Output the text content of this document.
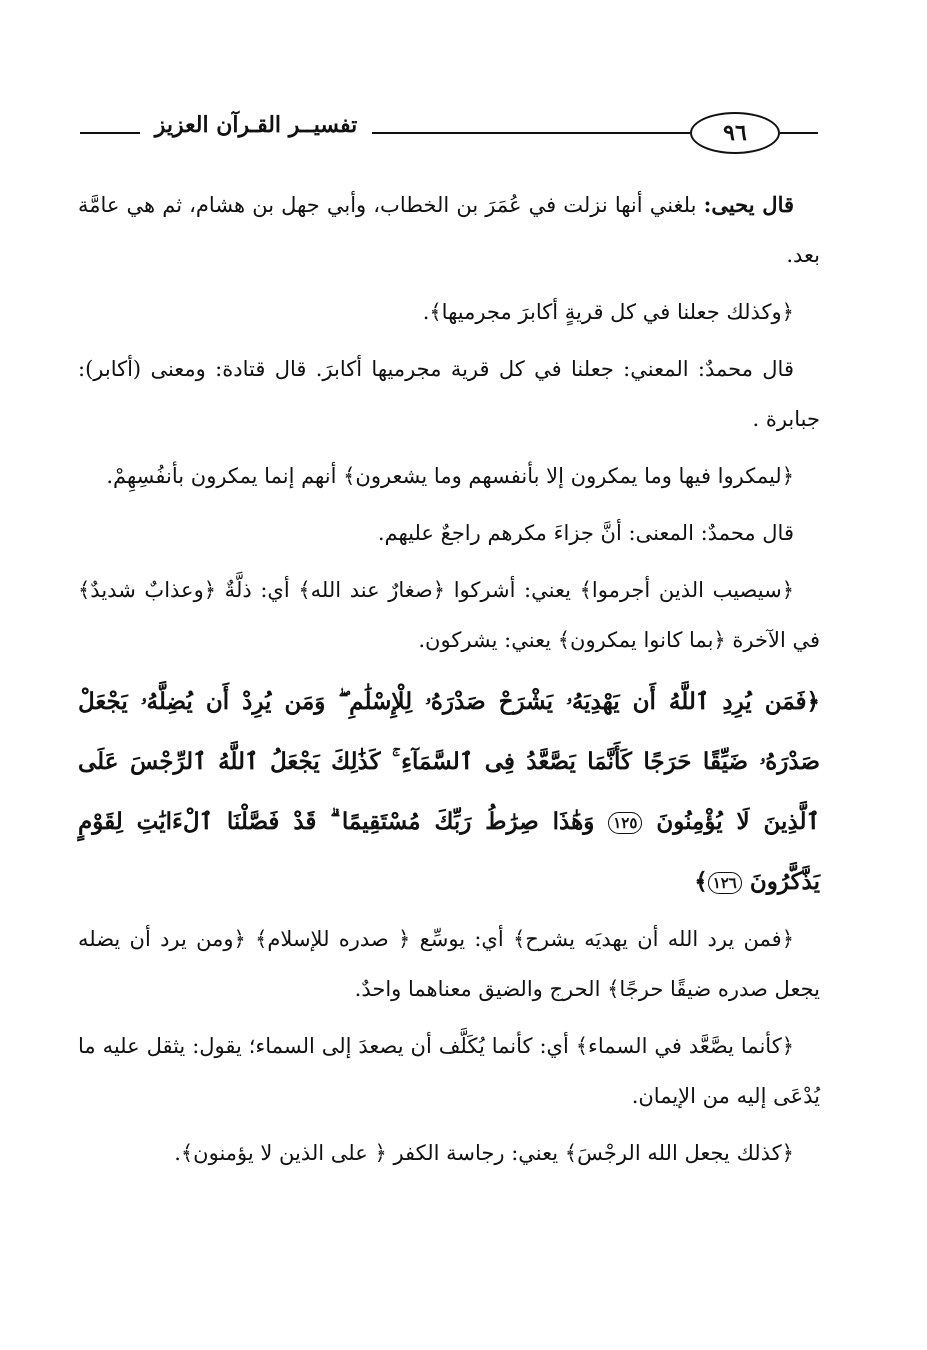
تفسيــر القـرآن العزيز	٩٦

قال يحيى: بلغني أنها نزلت في عُمَرَ بن الخطاب، وأبي جهل بن هشام، ثم هي عامَّة بعد.

﴿وكذلك جعلنا في كل قريةٍ أكابرَ مجرميها﴾.

قال محمدٌ: المعني: جعلنا في كل قرية مجرميها أكابرَ. قال قتادة: ومعنى (أكابر): جبابرة .

﴿ليمكروا فيها وما يمكرون إلا بأنفسهم وما يشعرون﴾ أنهم إنما يمكرون بأنفُسِهِمْ.

قال محمدٌ: المعنى: أنَّ جزاءَ مكرهم راجعٌ عليهم.

﴿سيصيب الذين أجرموا﴾ يعني: أشركوا ﴿صغارٌ عند الله﴾ أي: ذلَّةٌ ﴿وعذابٌ شديدٌ﴾ في الآخرة ﴿بما كانوا يمكرون﴾ يعني: يشركون.

﴿فَمَن يُرِدِ ٱللَّهُ أَن يَهْدِيَهُۥ يَشْرَحْ صَدْرَهُۥ لِلْإِسْلَٰمِ ۖ وَمَن يُرِدْ أَن يُضِلَّهُۥ يَجْعَلْ صَدْرَهُۥ ضَيِّقًا حَرَجًا كَأَنَّمَا يَصَّعَّدُ فِى ٱلسَّمَآءِ ۚ كَذَٰلِكَ يَجْعَلُ ٱللَّهُ ٱلرِّجْسَ عَلَى ٱلَّذِينَ لَا يُؤْمِنُونَ ١٢٥ وَهَٰذَا صِرَٰطُ رَبِّكَ مُسْتَقِيمًا ۗ قَدْ فَصَّلْنَا ٱلْءَايَٰتِ لِقَوْمٍ يَذَّكَّرُونَ ١٢٦﴾

﴿فمن يرد الله أن يهديَه يشرح﴾ أي: يوسِّع ﴿ صدره للإسلام﴾ ﴿ومن يرد أن يضله يجعل صدره ضيقًا حرجًا﴾ الحرج والضيق معناهما واحدٌ.

﴿كأنما يصَّعَّد في السماء﴾ أي: كأنما يُكَلَّف أن يصعدَ إلى السماء؛ يقول: يثقل عليه ما يُدْعَى إليه من الإيمان.

﴿كذلك يجعل الله الرجْسَ﴾ يعني: رجاسة الكفر ﴿ على الذين لا يؤمنون﴾.
